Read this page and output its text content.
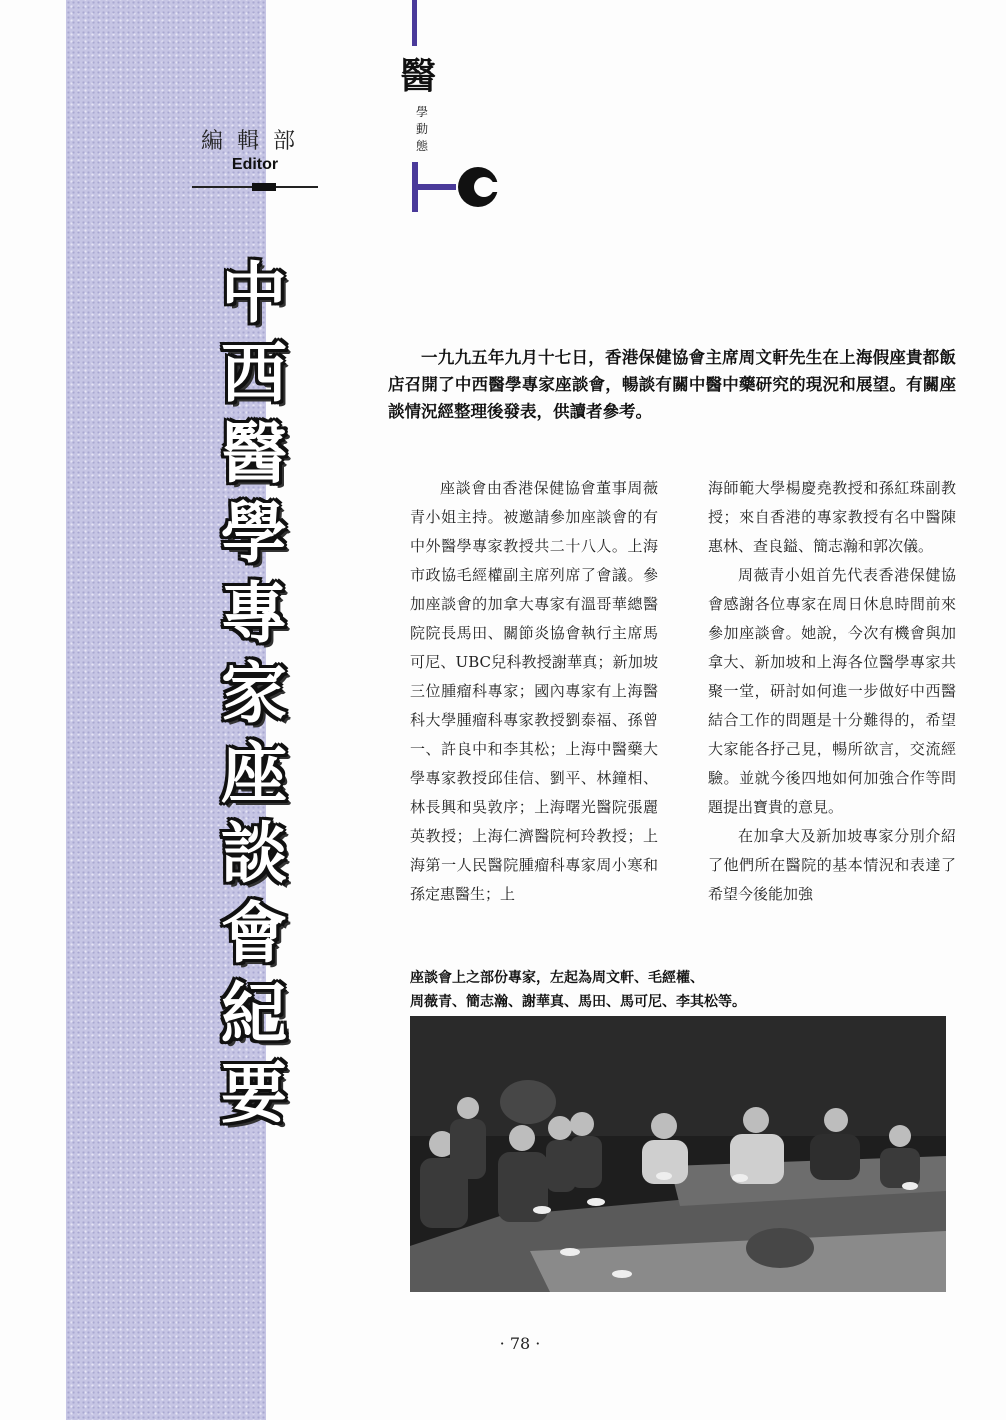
編輯部
Editor
醫
學
動
態
中
西
醫
學
專
家
座
談
會
紀
要

一九九五年九月十七日，香港保健協會主席周文軒先生在上海假座貴都飯店召開了中西醫學專家座談會，暢談有關中醫中藥研究的現況和展望。有關座談情況經整理後發表，供讀者參考。

座談會由香港保健協會董事周薇青小姐主持。被邀請參加座談會的有中外醫學專家教授共二十八人。上海市政協毛經權副主席列席了會議。參加座談會的加拿大專家有溫哥華總醫院院長馬田、關節炎協會執行主席馬可尼、UBC兒科教授謝華真；新加坡三位腫瘤科專家；國內專家有上海醫科大學腫瘤科專家教授劉泰福、孫曾一、許良中和李其松；上海中醫藥大學專家教授邱佳信、劉平、林鐘相、林長興和吳敦序；上海曙光醫院張麗英教授；上海仁濟醫院柯玲教授；上海第一人民醫院腫瘤科專家周小寒和孫定惠醫生；上

海師範大學楊慶堯教授和孫紅珠副教授；來自香港的專家教授有名中醫陳惠林、查良鎰、簡志瀚和郭次儀。

周薇青小姐首先代表香港保健協會感謝各位專家在周日休息時間前來參加座談會。她說，今次有機會與加拿大、新加坡和上海各位醫學專家共聚一堂，研討如何進一步做好中西醫結合工作的問題是十分難得的，希望大家能各抒己見，暢所欲言，交流經驗。並就今後四地如何加強合作等問題提出寶貴的意見。

在加拿大及新加坡專家分別介紹了他們所在醫院的基本情況和表達了希望今後能加強

座談會上之部份專家，左起為周文軒、毛經權、
周薇青、簡志瀚、謝華真、馬田、馬可尼、李其松等。
· 78 ·
